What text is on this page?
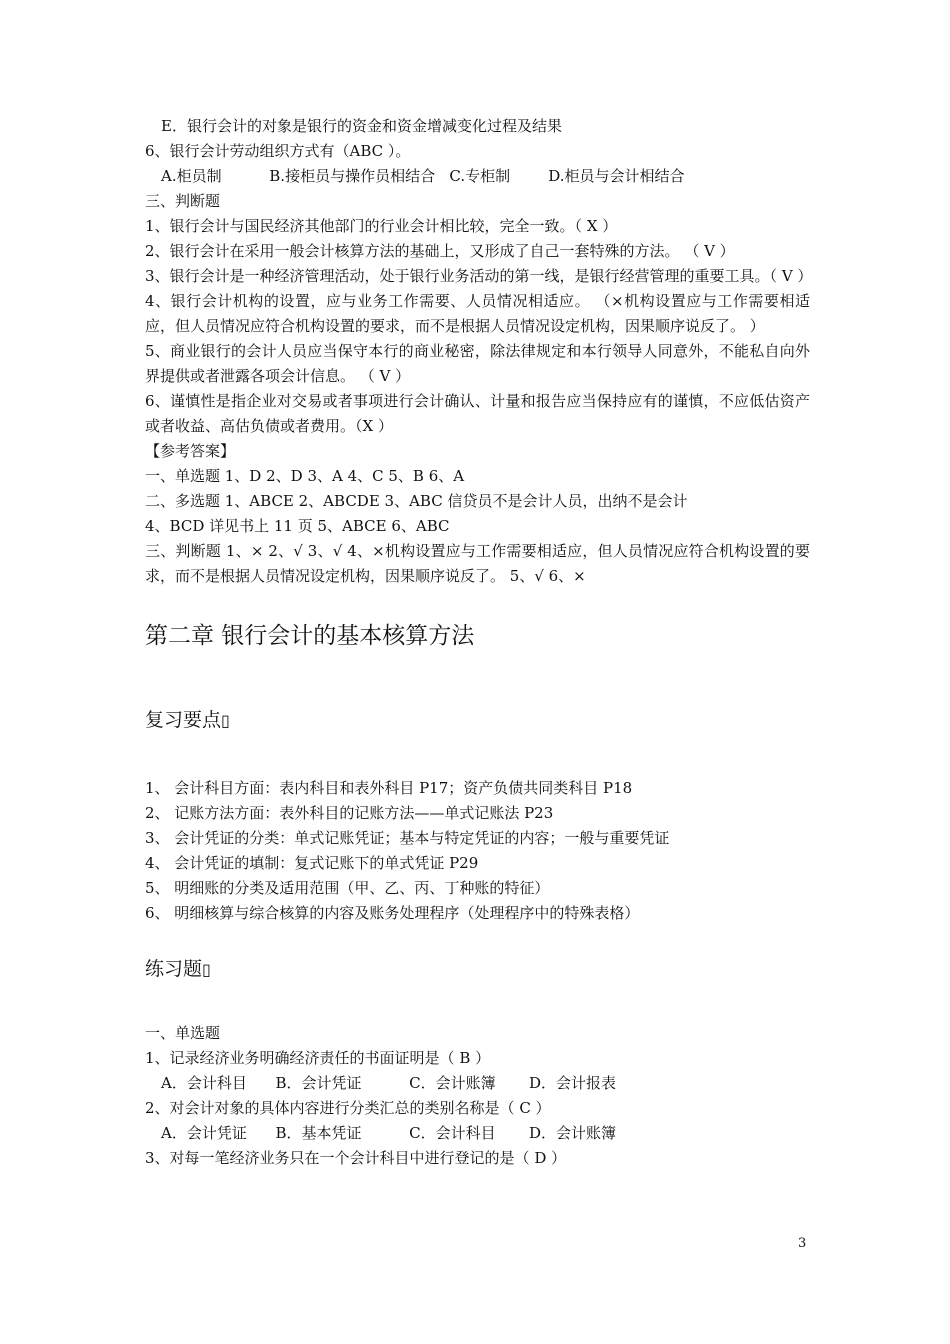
E．银行会计的对象是银行的资金和资金增减变化过程及结果

6、银行会计劳动组织方式有（ABC ）。

A.柜员制          B.接柜员与操作员相结合   C.专柜制        D.柜员与会计相结合

三、判断题

1、银行会计与国民经济其他部门的行业会计相比较，完全一致。（ X ）

2、银行会计在采用一般会计核算方法的基础上，又形成了自己一套特殊的方法。 （ V ）

3、银行会计是一种经济管理活动，处于银行业务活动的第一线，是银行经营管理的重要工具。（ V ）

4、银行会计机构的设置，应与业务工作需要、人员情况相适应。 （×机构设置应与工作需要相适应，但人员情况应符合机构设置的要求，而不是根据人员情况设定机构，因果顺序说反了。 ）

5、商业银行的会计人员应当保守本行的商业秘密，除法律规定和本行领导人同意外，不能私自向外界提供或者泄露各项会计信息。 （ V ）

6、谨慎性是指企业对交易或者事项进行会计确认、计量和报告应当保持应有的谨慎，不应低估资产或者收益、高估负债或者费用。（X ）

【参考答案】

一、单选题 1、D 2、D 3、A 4、C 5、B 6、A

二、多选题 1、ABCE 2、ABCDE 3、ABC 信贷员不是会计人员，出纳不是会计

4、BCD 详见书上 11 页 5、ABCE 6、ABC

三、判断题 1、× 2、√ 3、√ 4、×机构设置应与工作需要相适应，但人员情况应符合机构设置的要求，而不是根据人员情况设定机构，因果顺序说反了。 5、√ 6、×

第二章 银行会计的基本核算方法
复习要点▯

1、 会计科目方面：表内科目和表外科目 P17；资产负债共同类科目 P18

2、 记账方法方面：表外科目的记账方法——单式记账法 P23

3、 会计凭证的分类：单式记账凭证；基本与特定凭证的内容；一般与重要凭证

4、 会计凭证的填制：复式记账下的单式凭证 P29

5、 明细账的分类及适用范围（甲、乙、丙、丁种账的特征）

6、 明细核算与综合核算的内容及账务处理程序（处理程序中的特殊表格）

练习题▯

一、单选题

1、记录经济业务明确经济责任的书面证明是（ B ）

A．会计科目      B．会计凭证          C．会计账簿       D．会计报表

2、对会计对象的具体内容进行分类汇总的类别名称是（ C ）

A．会计凭证      B．基本凭证          C．会计科目       D．会计账簿

3、对每一笔经济业务只在一个会计科目中进行登记的是（ D ）

3
